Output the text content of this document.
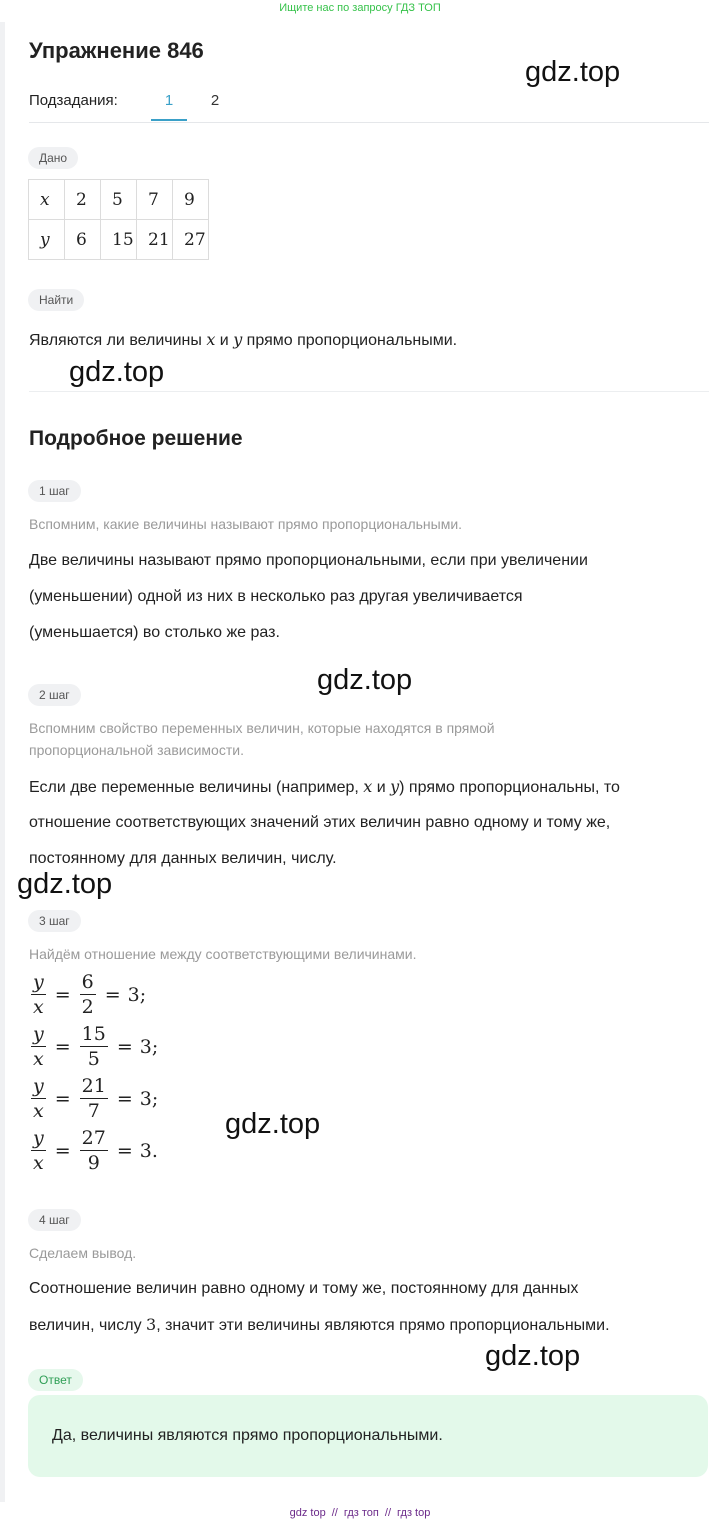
Ищите нас по запросу ГДЗ ТОП
Упражнение 846
Подзадания:	1	2
Дано
x	2	5	7	9
y	6	15	21	27
Найти
Являются ли величины x и y прямо пропорциональными.
Подробное решение
1 шаг
Вспомним, какие величины называют прямо пропорциональными.
Две величины называют прямо пропорциональными, если при увеличении
(уменьшении) одной из них в несколько раз другая увеличивается
(уменьшается) во столько же раз.
2 шаг
Вспомним свойство переменных величин, которые находятся в прямой
пропорциональной зависимости.
Если две переменные величины (например, x и y) прямо пропорциональны, то
отношение соответствующих значений этих величин равно одному и тому же,
постоянному для данных величин, числу.
3 шаг
Найдём отношение между соответствующими величинами.
$\frac{y}{x} = \frac{6}{2} = 3$ ;
$\frac{y}{x} = \frac{15}{5} = 3$ ;
$\frac{y}{x} = \frac{21}{7} = 3$ ;
$\frac{y}{x} = \frac{27}{9} = 3$ .
4 шаг
Сделаем вывод.
Соотношение величин равно одному и тому же, постоянному для данных
величин, числу 3, значит эти величины являются прямо пропорциональными.
Ответ
Да, величины являются прямо пропорциональными.
gdz.top
gdz.top
gdz.top
gdz.top
gdz.top
gdz.top
gdz top // гдз топ // гдз top
